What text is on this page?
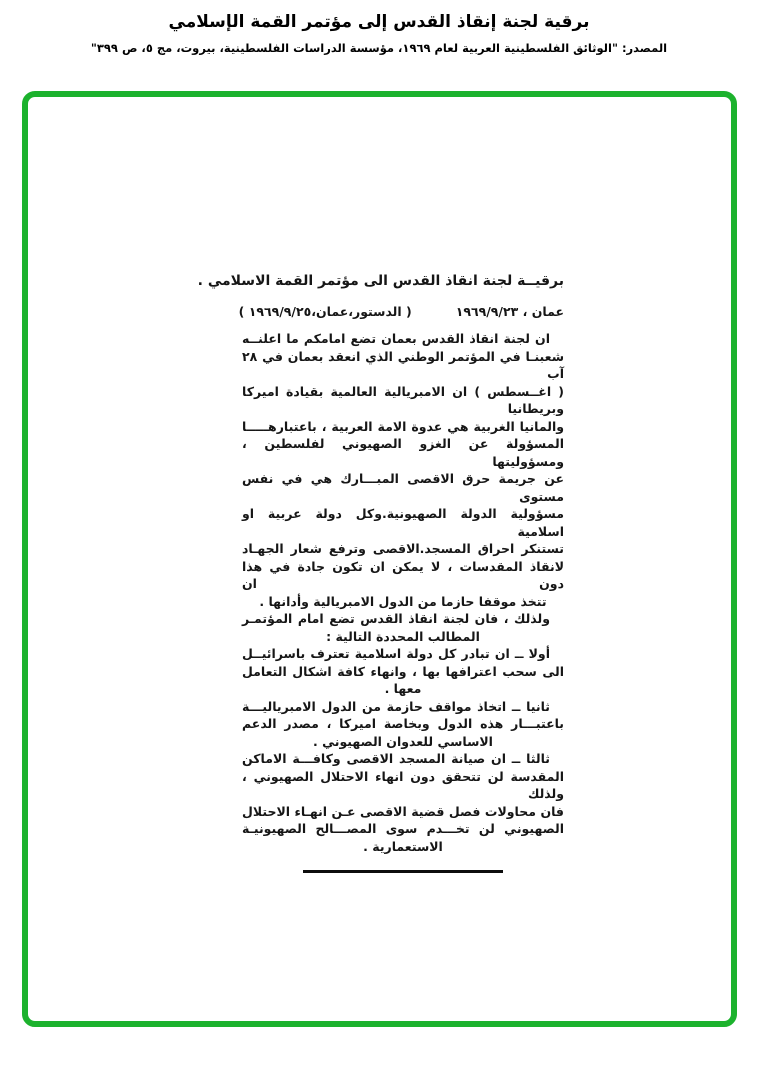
برقية لجنة إنقاذ القدس إلى مؤتمر القمة الإسلامي
المصدر: "الوثائق الفلسطينية العربية لعام ١٩٦٩، مؤسسة الدراسات الفلسطينية، بيروت، مج ٥، ص ٣٩٩"
برقيــة لجنة انقاذ القدس الى مؤتمر القمة الاسلامي .
عمان ، ١٩٦٩/٩/٢٣
( الدستور،عمان،١٩٦٩/٩/٢٥ )
ان لجنة انقاذ القدس بعمان تضع امامكم ما اعلنــه
شعبنـا في المؤتمر الوطني الذي انعقد بعمان في ٢٨ آب
( اغــسطس ) ان الامبريالية العالمية بقيادة اميركا وبريطانيا
والمانيا الغربية هي عدوة الامة العربية ، باعتبارهـــــا
المسؤولة عن الغزو الصهيوني لفلسطين ، ومسؤوليتها
عن جريمة حرق الاقصى المبـــارك هي في نفس مستوى
مسؤولية الدولة الصهيونية.وكل دولة عربية او اسلامية
تستنكر احراق المسجد.الاقصى وترفع شعار الجهـاد
لانقاذ المقدسات ، لا يمكن ان تكون جادة في هذا دون ان
تتخذ موقفا حازما من الدول الامبريالية وأدانها .
ولذلك ، فان لجنة انقاذ القدس تضع امام المؤتمـر
المطالب المحددة التالية :
أولا ــ ان تبادر كل دولة اسلامية تعترف باسرائيــل
الى سحب اعترافها بها ، وانهاء كافة اشكال التعامل
معها .
ثانيا ــ اتخاذ مواقف حازمة من الدول الامبرياليـــة
باعتبـــار هذه الدول وبخاصة اميركا ، مصدر الدعم
الاساسي للعدوان الصهيوني .
ثالثا ــ ان صيانة المسجد الاقصى وكافـــة الاماكن
المقدسة لن تتحقق دون انهاء الاحتلال الصهيوني ، ولذلك
فان محاولات فصل قضية الاقصى عـن انهـاء الاحتلال
الصهيوني لن تخـــدم سوى المصـــالح الصهيونيـة
الاستعمارية .
